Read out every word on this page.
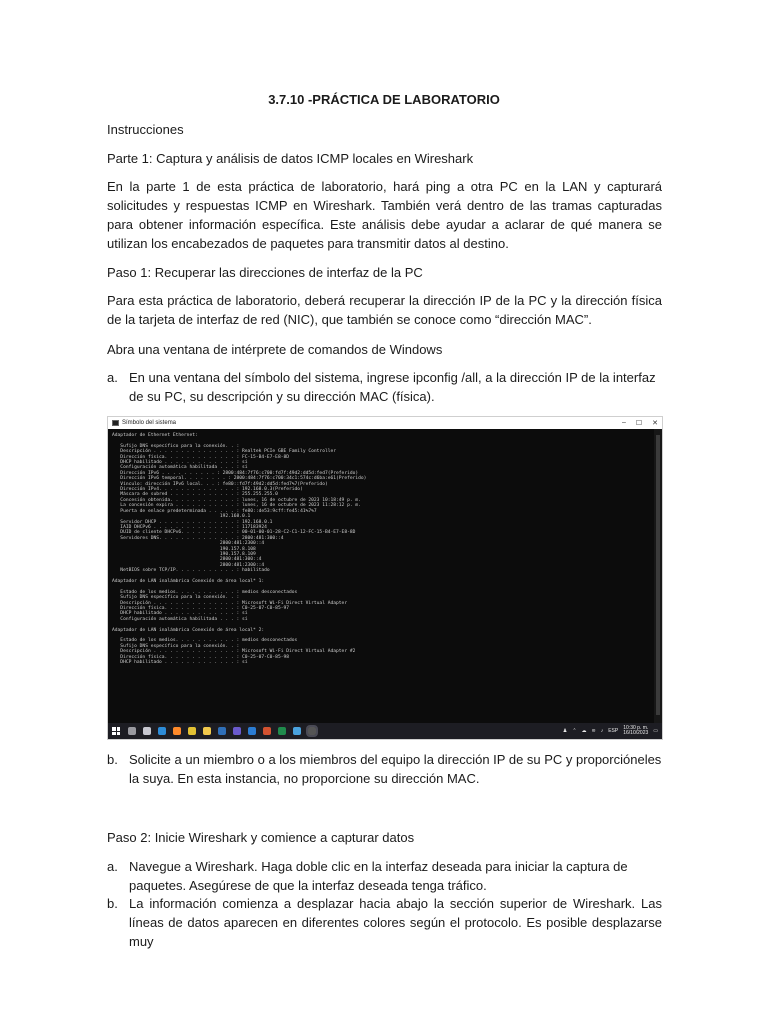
3.7.10 -PRÁCTICA DE LABORATORIO

Instrucciones

Parte 1: Captura y análisis de datos ICMP locales en Wireshark

En la parte 1 de esta práctica de laboratorio, hará ping a otra PC en la LAN y capturará solicitudes y respuestas ICMP en Wireshark. También verá dentro de las tramas capturadas para obtener información específica. Este análisis debe ayudar a aclarar de qué manera se utilizan los encabezados de paquetes para transmitir datos al destino.

Paso 1: Recuperar las direcciones de interfaz de la PC

Para esta práctica de laboratorio, deberá recuperar la dirección IP de la PC y la dirección física de la tarjeta de interfaz de red (NIC), que también se conoce como “dirección MAC”.

Abra una ventana de intérprete de comandos de Windows

a. En una ventana del símbolo del sistema, ingrese ipconfig /all, a la dirección IP de la interfaz de su PC, su descripción y su dirección MAC (física).
Símbolo del sistema	– ☐ ✕
Adaptador de Ethernet Ethernet:

Sufijo DNS específico para la conexión. . :
Descripción . . . . . . . . . . . . . . . : Realtek PCIe GBE Family Controller
Dirección física. . . . . . . . . . . . . : FC-15-B4-E7-E8-8D
DHCP habilitado . . . . . . . . . . . . . : sí
Configuración automática habilitada . . . : sí
Dirección IPv6 . . . . . . . . . . : 2800:484:7f76:c700:fd7f:49d2:dd5d:fed7(Preferido)
Dirección IPv6 temporal. . . . . . . . : 2800:484:7f76:c700:34c1:574c:d6ba:e61(Preferido)
Vínculo: dirección IPv6 local. . . : fe80::fd7f:49d2:dd5d:fed7%7(Preferido)
Dirección IPv4. . . . . . . . . . . . . . : 192.168.0.3(Preferido)
Máscara de subred . . . . . . . . . . . . : 255.255.255.0
Concesión obtenida. . . . . . . . . . . . : lunes, 16 de octubre de 2023 10:18:49 p. m.
La concesión expira . . . . . . . . . . . : lunes, 16 de octubre de 2023 11:28:12 p. m.
Puerta de enlace predeterminada . . . . . : fe80::de53:9cff:fe45:41%7%7
192.168.0.1
Servidor DHCP . . . . . . . . . . . . . . : 192.168.0.1
IAID DHCPv6 . . . . . . . . . . . . . . . : 117183924
DUID de cliente DHCPv6. . . . . . . . . . : 00-01-00-01-28-C2-C1-12-FC-15-B4-E7-E8-8D
Servidores DNS. . . . . . . . . . . . . . : 2800:481:300::4
2800:481:2300::4
190.157.8.108
190.157.8.109
2800:481:300::4
2800:481:2300::4
NetBIOS sobre TCP/IP. . . . . . . . . . . : habilitado

Adaptador de LAN inalámbrica Conexión de área local* 1:

Estado de los medios. . . . . . . . . . . : medios desconectados
Sufijo DNS específico para la conexión. . :
Descripción . . . . . . . . . . . . . . . : Microsoft Wi-Fi Direct Virtual Adapter
Dirección física. . . . . . . . . . . . . : C0-25-07-C0-85-97
DHCP habilitado . . . . . . . . . . . . . : sí
Configuración automática habilitada . . . : sí

Adaptador de LAN inalámbrica Conexión de área local* 2:

Estado de los medios. . . . . . . . . . . : medios desconectados
Sufijo DNS específico para la conexión. . :
Descripción . . . . . . . . . . . . . . . : Microsoft Wi-Fi Direct Virtual Adapter #2
Dirección física. . . . . . . . . . . . . : C0-25-07-C0-85-98
DHCP habilitado . . . . . . . . . . . . . : sí
♟ ⌃ ☁ ≋ ♪ ESP
10:30 p. m.
16/10/2023 ▭
b. Solicite a un miembro o a los miembros del equipo la dirección IP de su PC y proporcióneles la suya. En esta instancia, no proporcione su dirección MAC.

Paso 2: Inicie Wireshark y comience a capturar datos

a. Navegue a Wireshark. Haga doble clic en la interfaz deseada para iniciar la captura de paquetes. Asegúrese de que la interfaz deseada tenga tráfico.
b. La información comienza a desplazar hacia abajo la sección superior de Wireshark. Las líneas de datos aparecen en diferentes colores según el protocolo. Es posible desplazarse muy
